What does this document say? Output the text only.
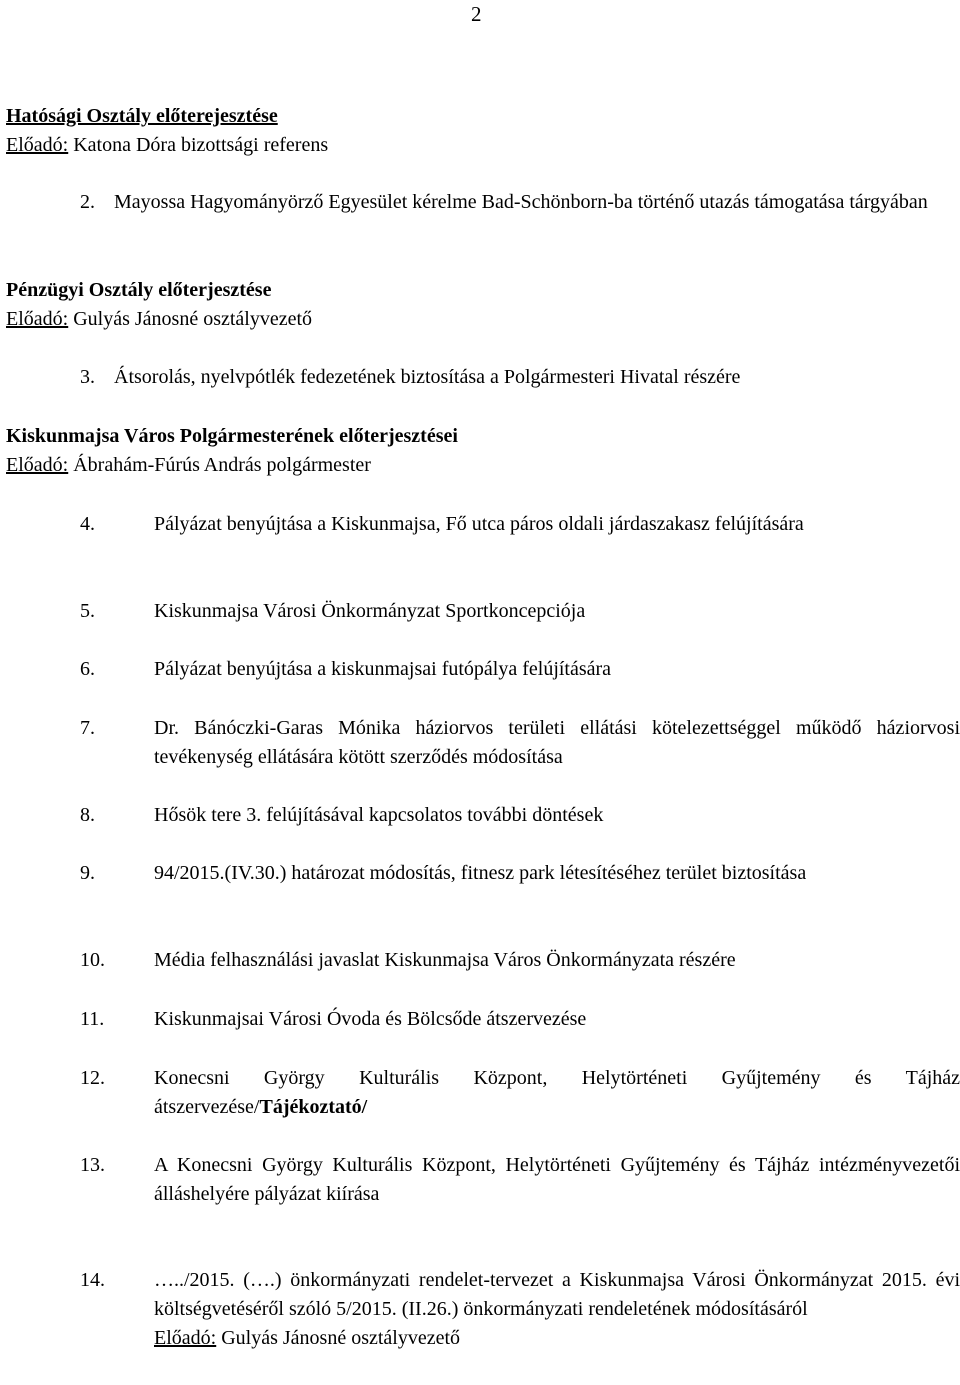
2
Hatósági Osztály előterejesztése
Előadó: Katona Dóra bizottsági referens
2. Mayossa Hagyományörző Egyesület kérelme Bad-Schönborn-ba történő utazás támogatása tárgyában
Pénzügyi Osztály előterjesztése
Előadó: Gulyás Jánosné osztályvezető
3. Átsorolás, nyelvpótlék fedezetének biztosítása a Polgármesteri Hivatal részére
Kiskunmajsa Város Polgármesterének előterjesztései
Előadó: Ábrahám-Fúrús András polgármester
4.	Pályázat benyújtása a Kiskunmajsa, Fő utca páros oldali járdaszakasz felújítására
5.	Kiskunmajsa Városi Önkormányzat Sportkoncepciója
6.	Pályázat benyújtása a kiskunmajsai futópálya felújítására
7.	Dr. Bánóczki-Garas Mónika háziorvos területi ellátási kötelezettséggel működő háziorvosi tevékenység ellátására kötött szerződés módosítása
8.	Hősök tere 3. felújításával kapcsolatos további döntések
9.	94/2015.(IV.30.) határozat módosítás, fitnesz park létesítéséhez terület biztosítása
10. Média felhasználási javaslat Kiskunmajsa Város Önkormányzata részére
11. Kiskunmajsai Városi Óvoda és Bölcsőde átszervezése
12. Konecsni György Kulturális Központ, Helytörténeti Gyűjtemény és Tájház átszervezése/Tájékoztató/
13. A Konecsni György Kulturális Központ, Helytörténeti Gyűjtemény és Tájház intézményvezetői álláshelyére pályázat kiírása
14. …../2015. (….) önkormányzati rendelet-tervezet a Kiskunmajsa Városi Önkormányzat 2015. évi költségvetéséről szóló 5/2015. (II.26.) önkormányzati rendeletének módosításáról
Előadó: Gulyás Jánosné osztályvezető
